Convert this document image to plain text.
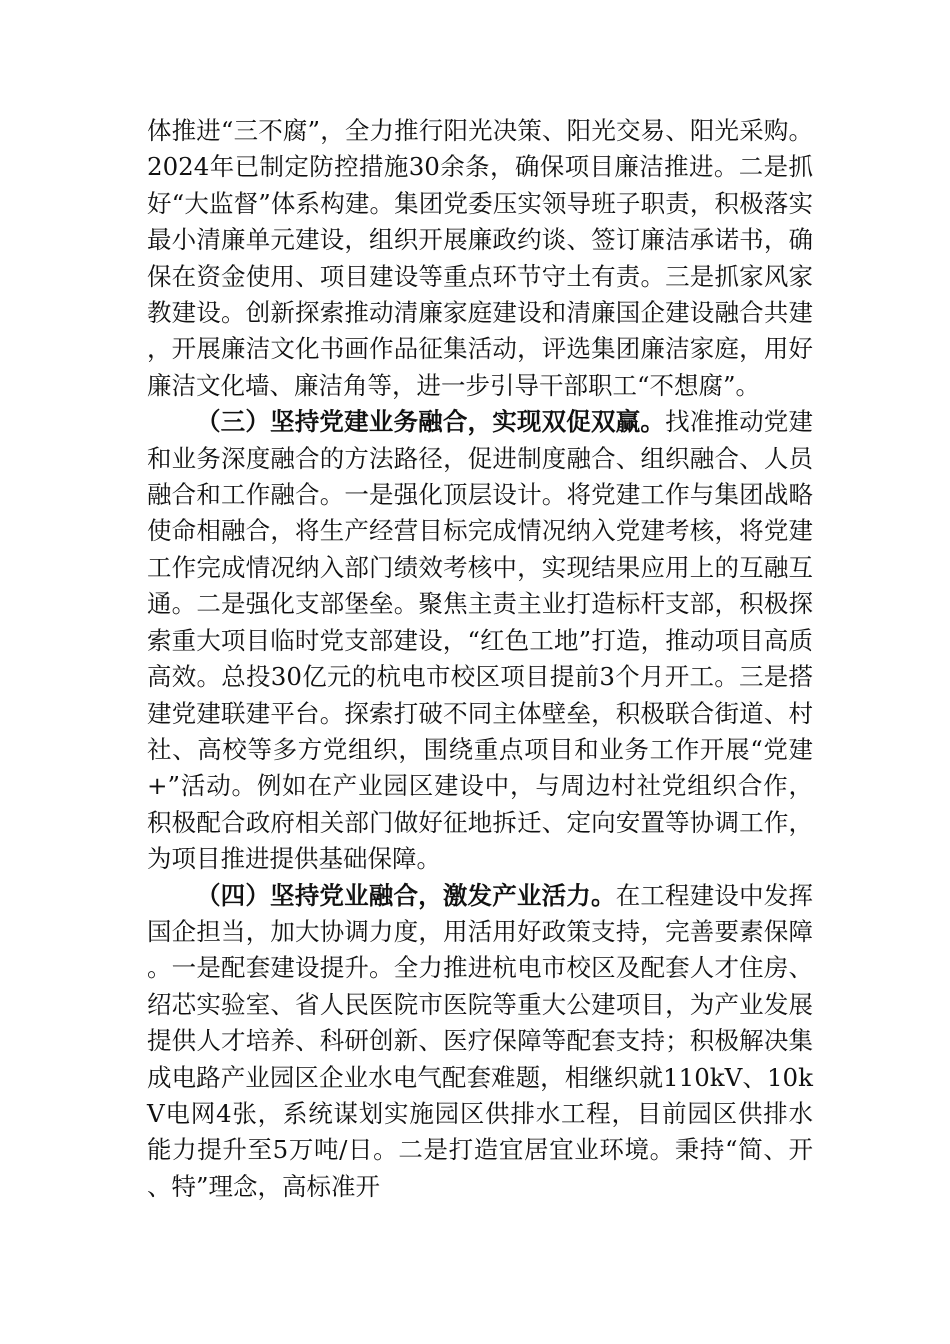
体推进“三不腐”，全力推行阳光决策、阳光交易、阳光采购。2024年已制定防控措施30余条，确保项目廉洁推进。二是抓好“大监督”体系构建。集团党委压实领导班子职责，积极落实最小清廉单元建设，组织开展廉政约谈、签订廉洁承诺书，确保在资金使用、项目建设等重点环节守土有责。三是抓家风家教建设。创新探索推动清廉家庭建设和清廉国企建设融合共建，开展廉洁文化书画作品征集活动，评选集团廉洁家庭，用好廉洁文化墙、廉洁角等，进一步引导干部职工“不想腐”。

（三）坚持党建业务融合，实现双促双赢。找准推动党建和业务深度融合的方法路径，促进制度融合、组织融合、人员融合和工作融合。一是强化顶层设计。将党建工作与集团战略使命相融合，将生产经营目标完成情况纳入党建考核，将党建工作完成情况纳入部门绩效考核中，实现结果应用上的互融互通。二是强化支部堡垒。聚焦主责主业打造标杆支部，积极探索重大项目临时党支部建设，“红色工地”打造，推动项目高质高效。总投30亿元的杭电市校区项目提前3个月开工。三是搭建党建联建平台。探索打破不同主体壁垒，积极联合街道、村社、高校等多方党组织，围绕重点项目和业务工作开展“党建+”活动。例如在产业园区建设中，与周边村社党组织合作，积极配合政府相关部门做好征地拆迁、定向安置等协调工作，为项目推进提供基础保障。

（四）坚持党业融合，激发产业活力。在工程建设中发挥国企担当，加大协调力度，用活用好政策支持，完善要素保障。一是配套建设提升。全力推进杭电市校区及配套人才住房、绍芯实验室、省人民医院市医院等重大公建项目，为产业发展提供人才培养、科研创新、医疗保障等配套支持；积极解决集成电路产业园区企业水电气配套难题，相继织就110kV、10kV电网4张，系统谋划实施园区供排水工程，目前园区供排水能力提升至5万吨/日。二是打造宜居宜业环境。秉持“简、开、特”理念，高标准开
